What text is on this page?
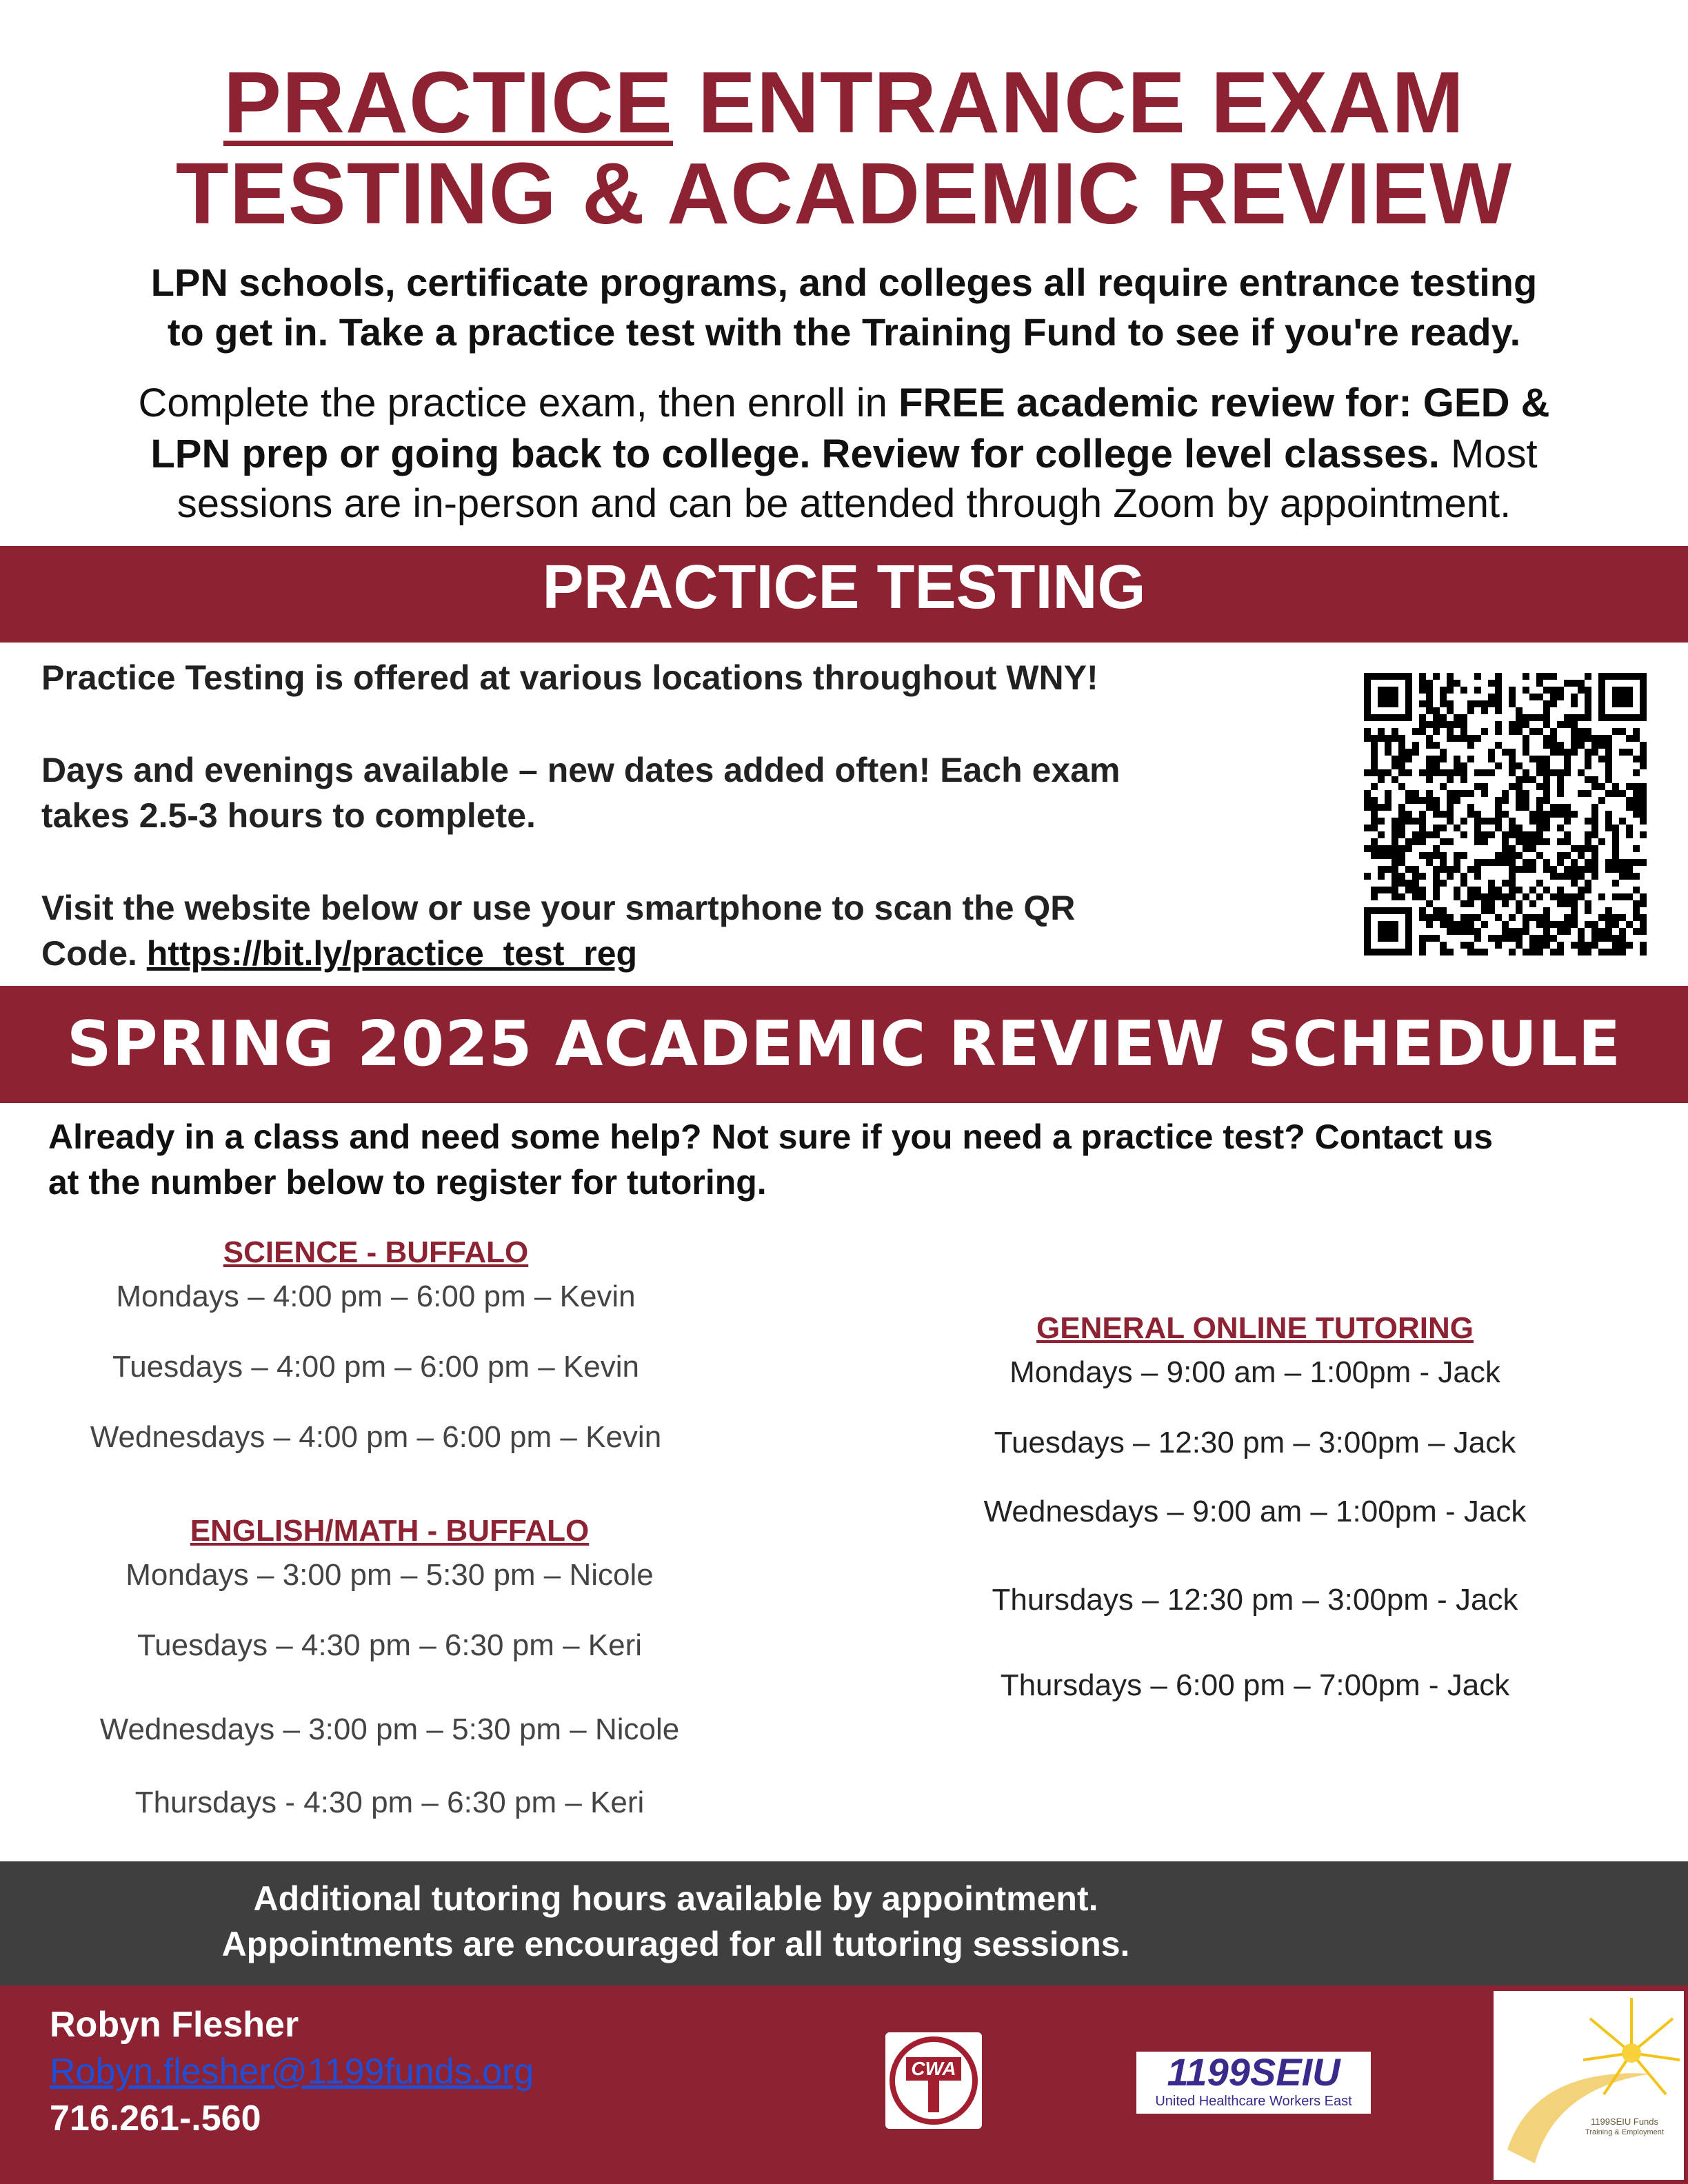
PRACTICE ENTRANCE EXAM
TESTING & ACADEMIC REVIEW
LPN schools, certificate programs, and colleges all require entrance testing
to get in. Take a practice test with the Training Fund to see if you're ready.
Complete the practice exam, then enroll in FREE academic review for: GED &
LPN prep or going back to college. Review for college level classes. Most
sessions are in-person and can be attended through Zoom by appointment.
PRACTICE TESTING
Practice Testing is offered at various locations throughout WNY!
Days and evenings available – new dates added often! Each exam
takes 2.5-3 hours to complete.
Visit the website below or use your smartphone to scan the QR
Code. https://bit.ly/practice_test_reg
SPRING 2025 ACADEMIC REVIEW SCHEDULE
Already in a class and need some help? Not sure if you need a practice test? Contact us
at the number below to register for tutoring.
SCIENCE - BUFFALO
Mondays – 4:00 pm – 6:00 pm – Kevin
Tuesdays – 4:00 pm – 6:00 pm – Kevin
Wednesdays – 4:00 pm – 6:00 pm – Kevin
ENGLISH/MATH - BUFFALO
Mondays – 3:00 pm – 5:30 pm – Nicole
Tuesdays – 4:30 pm – 6:30 pm – Keri
Wednesdays – 3:00 pm – 5:30 pm – Nicole
Thursdays - 4:30 pm – 6:30 pm – Keri
GENERAL ONLINE TUTORING
Mondays – 9:00 am – 1:00pm - Jack
Tuesdays – 12:30 pm – 3:00pm – Jack
Wednesdays – 9:00 am – 1:00pm - Jack
Thursdays – 12:30 pm – 3:00pm - Jack
Thursdays – 6:00 pm – 7:00pm - Jack
Additional tutoring hours available by appointment.
Appointments are encouraged for all tutoring sessions.
Robyn Flesher
Robyn.flesher@1199funds.org
716.261-.560
CWA	1199SEIU
United Healthcare Workers East
1199SEIU Funds
Training & Employment
